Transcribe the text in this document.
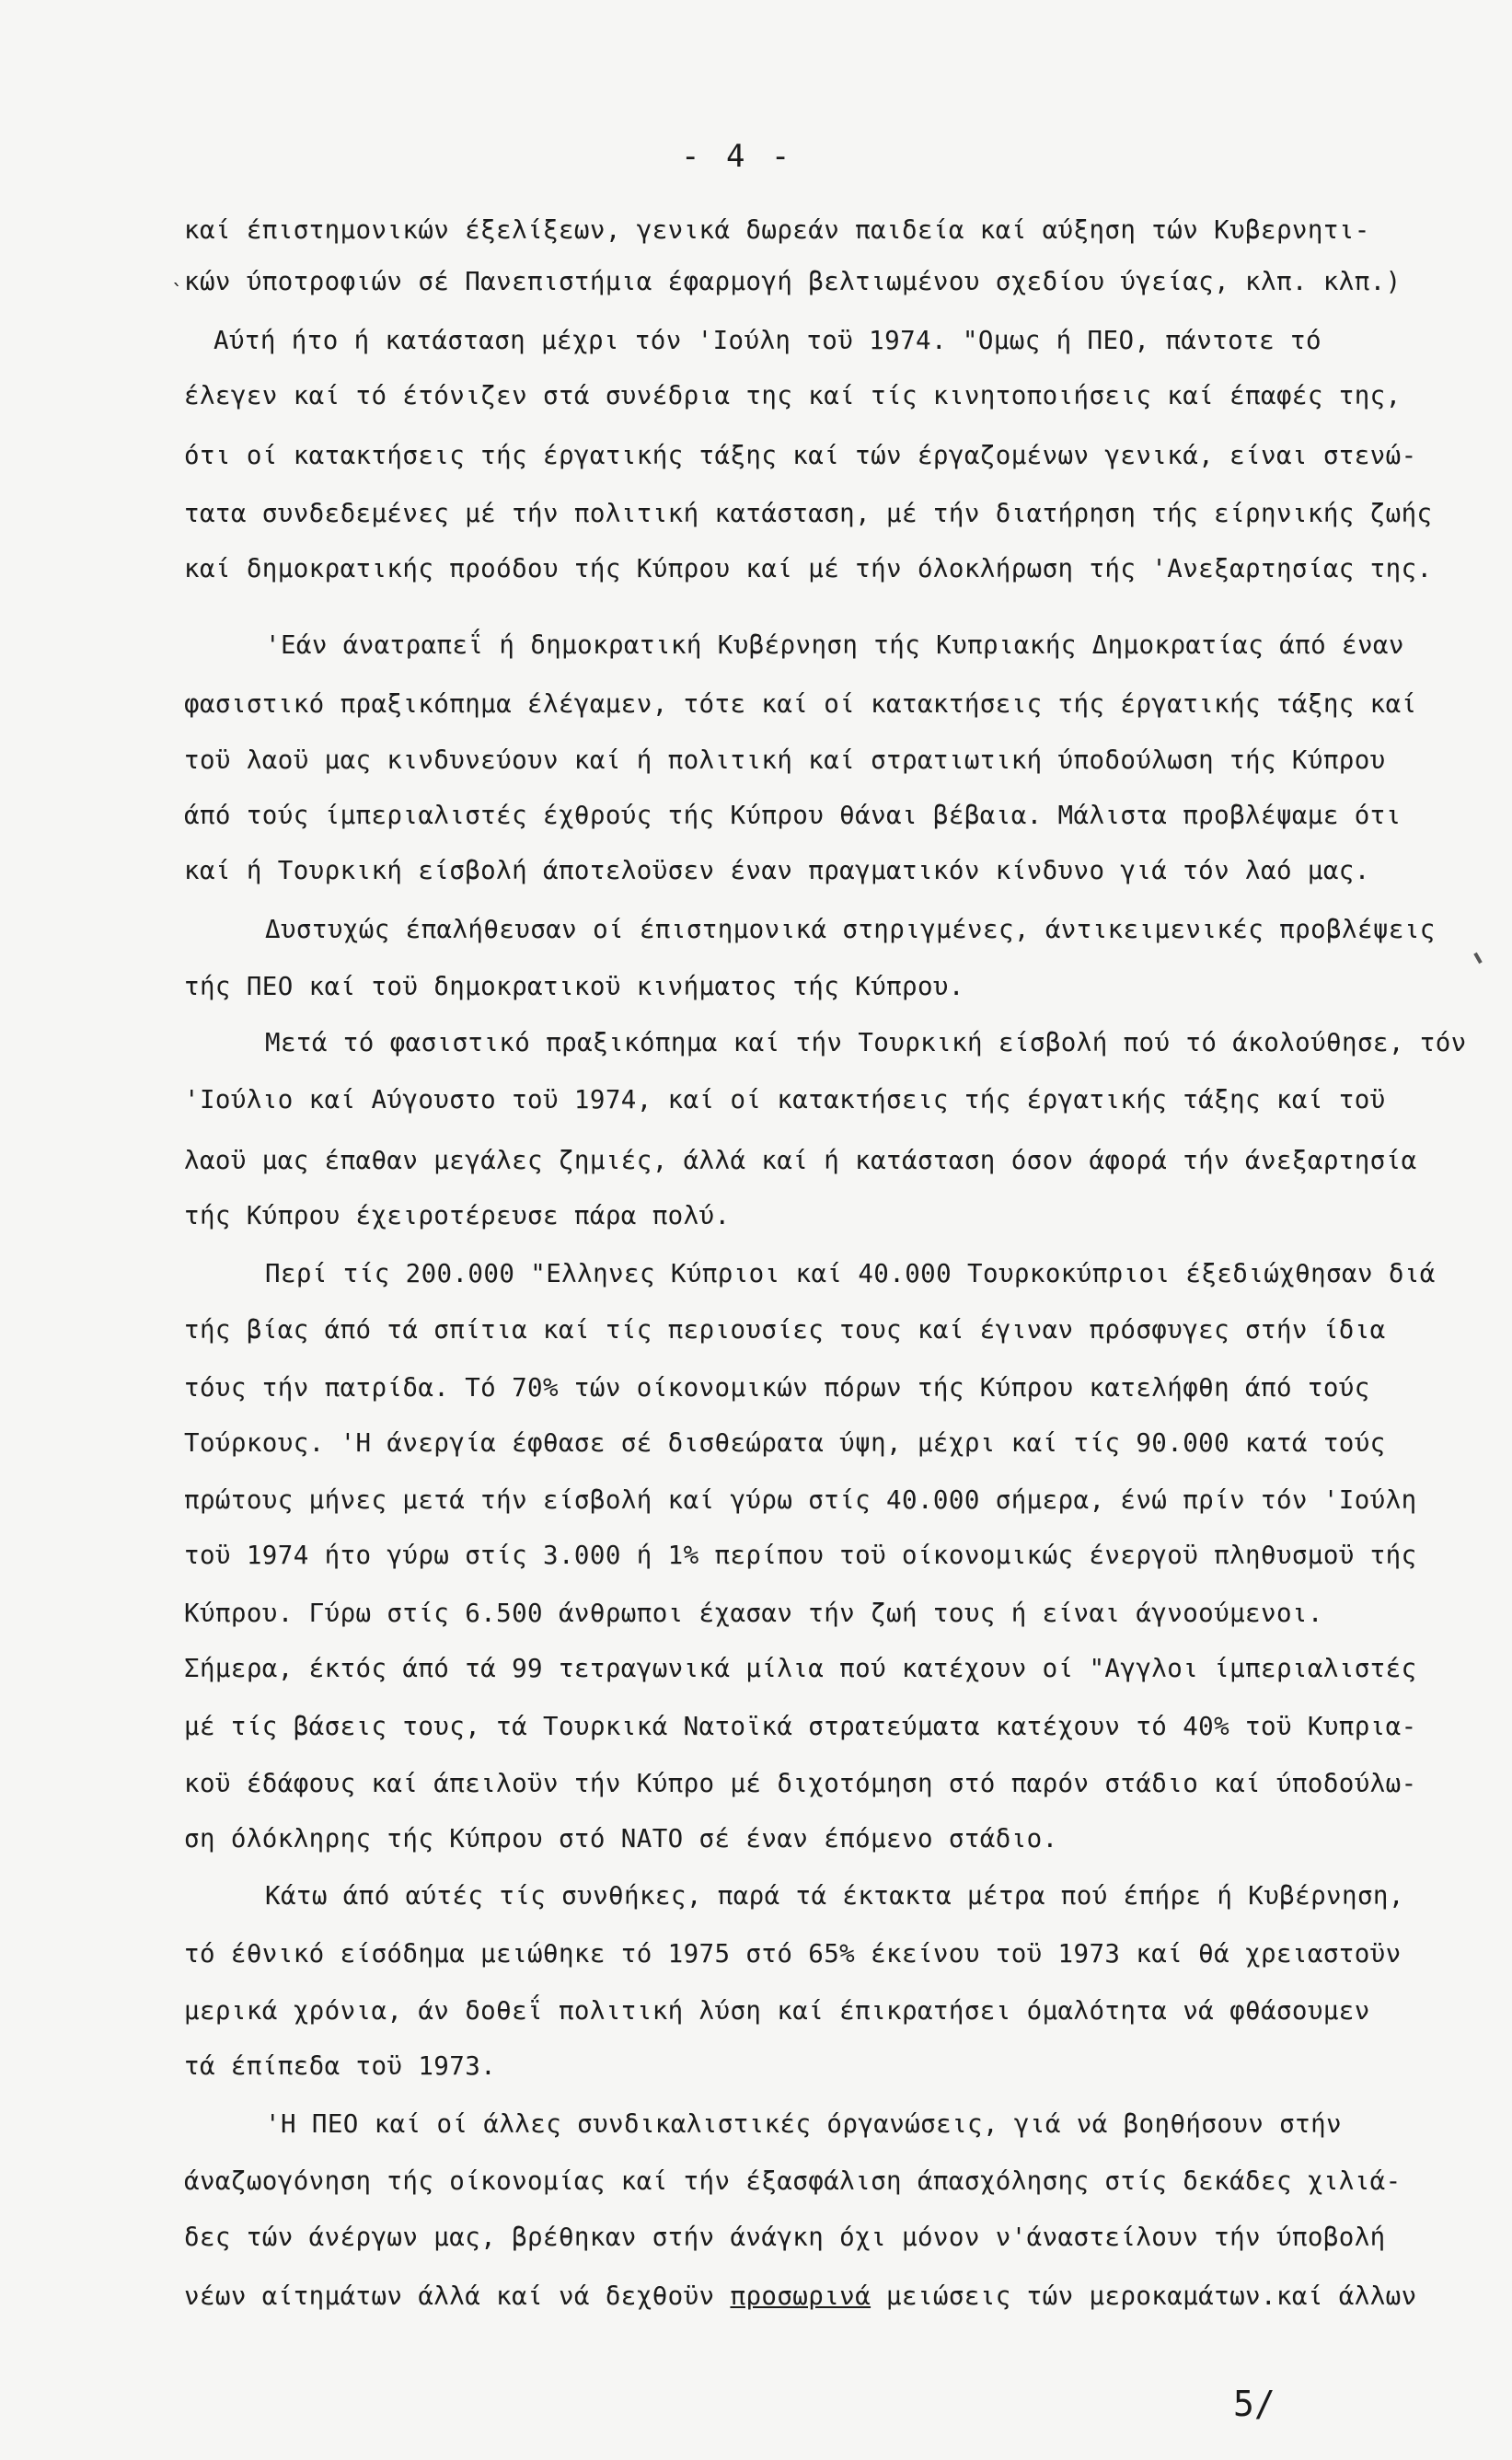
- 4 -
`
καί έπιστημονικών έξελίξεων, γενικά δωρεάν παιδεία καί αύξηση τών Κυβερνητι-
κών ύποτροφιών σέ Πανεπιστήμια έφαρμογή βελτιωμένου σχεδίου ύγείας, κλπ. κλπ.)
Αύτή ήτο ή κατάσταση μέχρι τόν 'Ιούλη τοϋ 1974. "Ομως ή ΠΕΟ, πάντοτε τό
έλεγεν καί τό έτόνιζεν στά συνέδρια της καί τίς κινητοποιήσεις καί έπαφές της,
ότι οί κατακτήσεις τής έργατικής τάξης καί τών έργαζομένων γενικά, είναι στενώ-
τατα συνδεδεμένες μέ τήν πολιτική κατάσταση, μέ τήν διατήρηση τής είρηνικής ζωής
καί δημοκρατικής προόδου τής Κύπρου καί μέ τήν όλοκλήρωση τής 'Ανεξαρτησίας της.
'Εάν άνατραπεΐ ή δημοκρατική Κυβέρνηση τής Κυπριακής Δημοκρατίας άπό έναν
φασιστικό πραξικόπημα έλέγαμεν, τότε καί οί κατακτήσεις τής έργατικής τάξης καί
τοϋ λαοϋ μας κινδυνεύουν καί ή πολιτική καί στρατιωτική ύποδούλωση τής Κύπρου
άπό τούς ίμπεριαλιστές έχθρούς τής Κύπρου θάναι βέβαια. Μάλιστα προβλέψαμε ότι
καί ή Τουρκική είσβολή άποτελοϋσεν έναν πραγματικόν κίνδυνο γιά τόν λαό μας.
Δυστυχώς έπαλήθευσαν οί έπιστημονικά στηριγμένες, άντικειμενικές προβλέψεις
τής ΠΕΟ καί τοϋ δημοκρατικοϋ κινήματος τής Κύπρου.
Μετά τό φασιστικό πραξικόπημα καί τήν Τουρκική είσβολή πού τό άκολούθησε, τόν
'Ιούλιο καί Αύγουστο τοϋ 1974, καί οί κατακτήσεις τής έργατικής τάξης καί τοϋ
λαοϋ μας έπαθαν μεγάλες ζημιές, άλλά καί ή κατάσταση όσον άφορά τήν άνεξαρτησία
τής Κύπρου έχειροτέρευσε πάρα πολύ.
Περί τίς 200.000 "Ελληνες Κύπριοι καί 40.000 Τουρκοκύπριοι έξεδιώχθησαν διά
τής βίας άπό τά σπίτια καί τίς περιουσίες τους καί έγιναν πρόσφυγες στήν ίδια
τόυς τήν πατρίδα. Τό 70% τών οίκονομικών πόρων τής Κύπρου κατελήφθη άπό τούς
Τούρκους. 'Η άνεργία έφθασε σέ δισθεώρατα ύψη, μέχρι καί τίς 90.000 κατά τούς
πρώτους μήνες μετά τήν είσβολή καί γύρω στίς 40.000 σήμερα, ένώ πρίν τόν 'Ιούλη
τοϋ 1974 ήτο γύρω στίς 3.000 ή 1% περίπου τοϋ οίκονομικώς ένεργοϋ πληθυσμοϋ τής
Κύπρου. Γύρω στίς 6.500 άνθρωποι έχασαν τήν ζωή τους ή είναι άγνοούμενοι.
Σήμερα, έκτός άπό τά 99 τετραγωνικά μίλια πού κατέχουν οί "Αγγλοι ίμπεριαλιστές
μέ τίς βάσεις τους, τά Τουρκικά Νατοϊκά στρατεύματα κατέχουν τό 40% τοϋ Κυπρια-
κοϋ έδάφους καί άπειλοϋν τήν Κύπρο μέ διχοτόμηση στό παρόν στάδιο καί ύποδούλω-
ση όλόκληρης τής Κύπρου στό ΝΑΤΟ σέ έναν έπόμενο στάδιο.
Κάτω άπό αύτές τίς συνθήκες, παρά τά έκτακτα μέτρα πού έπήρε ή Κυβέρνηση,
τό έθνικό είσόδημα μειώθηκε τό 1975 στό 65% έκείνου τοϋ 1973 καί θά χρειαστοϋν
μερικά χρόνια, άν δοθεΐ πολιτική λύση καί έπικρατήσει όμαλότητα νά φθάσουμεν
τά έπίπεδα τοϋ 1973.
'Η ΠΕΟ καί οί άλλες συνδικαλιστικές όργανώσεις, γιά νά βοηθήσουν στήν
άναζωογόνηση τής οίκονομίας καί τήν έξασφάλιση άπασχόλησης στίς δεκάδες χιλιά-
δες τών άνέργων μας, βρέθηκαν στήν άνάγκη όχι μόνον ν'άναστείλουν τήν ύποβολή
νέων αίτημάτων άλλά καί νά δεχθοϋν προσωρινά μειώσεις τών μεροκαμάτων.καί άλλων
5/
